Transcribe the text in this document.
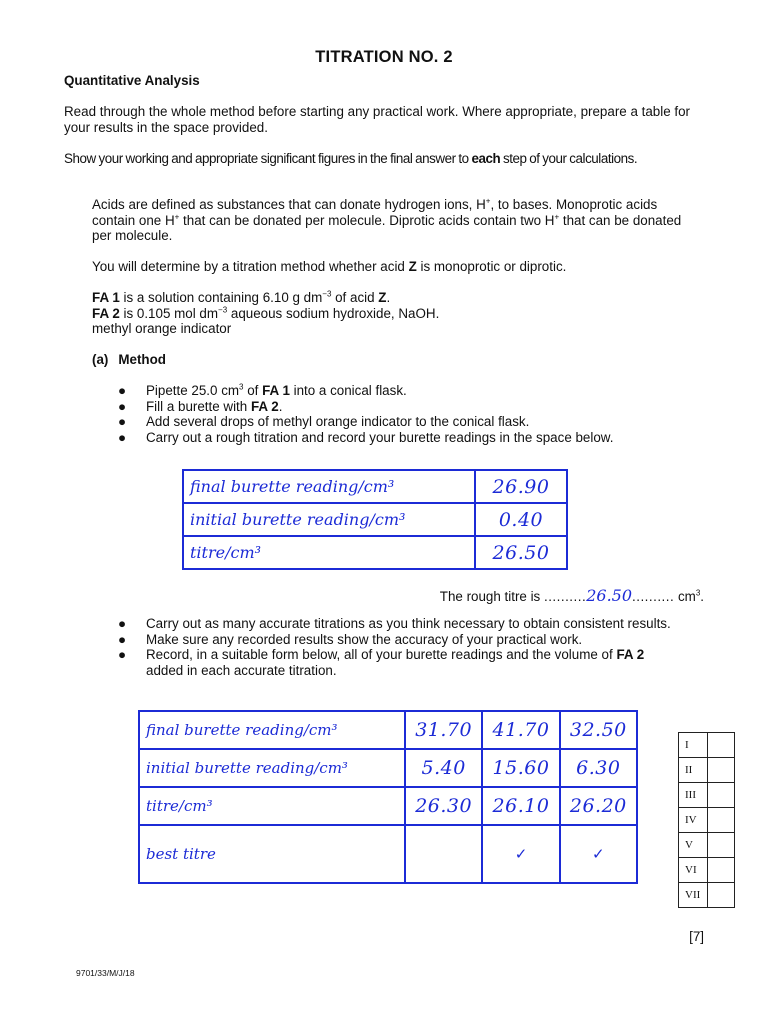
TITRATION NO. 2
Quantitative Analysis
Read through the whole method before starting any practical work. Where appropriate, prepare a table for your results in the space provided.
Show your working and appropriate significant figures in the final answer to each step of your calculations.
Acids are defined as substances that can donate hydrogen ions, H+, to bases. Monoprotic acids
contain one H+ that can be donated per molecule. Diprotic acids contain two H+ that can be donated
per molecule.
You will determine by a titration method whether acid Z is monoprotic or diprotic.
FA 1 is a solution containing 6.10 g $dm^{-3}$ of acid Z.
FA 2 is 0.105 mol $dm^{-3}$ aqueous sodium hydroxide, NaOH.
methyl orange indicator
(a) Method
● Pipette 25.0 $cm^3$ of FA 1 into a conical flask.
● Fill a burette with FA 2.
● Add several drops of methyl orange indicator to the conical flask.
● Carry out a rough titration and record your burette readings in the space below.
final burette reading/cm³	26.90
initial burette reading/cm³	0.40
titre/cm³	26.50
The rough titre is ..........26.50.......... $cm^3$.
● Carry out as many accurate titrations as you think necessary to obtain consistent results.
● Make sure any recorded results show the accuracy of your practical work.
● Record, in a suitable form below, all of your burette readings and the volume of FA 2
added in each accurate titration.
final burette reading/cm³	31.70	41.70	32.50
initial burette reading/cm³	5.40	15.60	6.30
titre/cm³	26.30	26.10	26.20
best titre		✓	✓
I	
II	
III	
IV	
V	
VI	
VII	
[7]
9701/33/M/J/18
